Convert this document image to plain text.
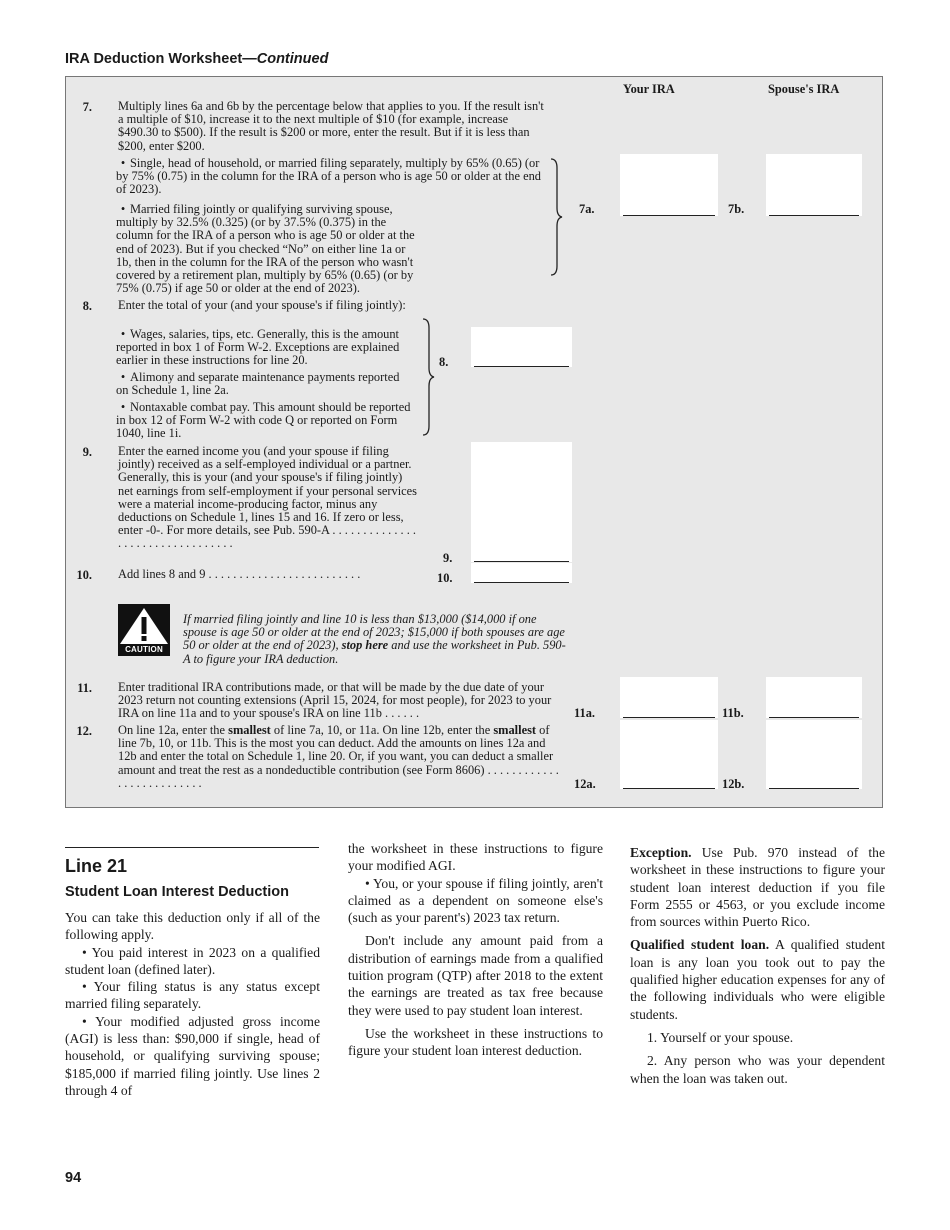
IRA Deduction Worksheet—Continued
Your IRA	Spouse's IRA
7. Multiply lines 6a and 6b by the percentage below that applies to you. If the result isn't a multiple of $10, increase it to the next multiple of $10 (for example, increase $490.30 to $500). If the result is $200 or more, enter the result. But if it is less than $200, enter $200.
• Single, head of household, or married filing separately, multiply by 65% (0.65) (or by 75% (0.75) in the column for the IRA of a person who is age 50 or older at the end of 2023).
• Married filing jointly or qualifying surviving spouse, multiply by 32.5% (0.325) (or by 37.5% (0.375) in the column for the IRA of a person who is age 50 or older at the end of 2023). But if you checked “No” on either line 1a or 1b, then in the column for the IRA of the person who wasn't covered by a retirement plan, multiply by 65% (0.65) (or by 75% (0.75) if age 50 or older at the end of 2023).
7a.	7b.
8. Enter the total of your (and your spouse's if filing jointly):
• Wages, salaries, tips, etc. Generally, this is the amount reported in box 1 of Form W-2. Exceptions are explained earlier in these instructions for line 20.
• Alimony and separate maintenance payments reported on Schedule 1, line 2a.
• Nontaxable combat pay. This amount should be reported in box 12 of Form W-2 with code Q or reported on Form 1040, line 1i.
8.
9. Enter the earned income you (and your spouse if filing jointly) received as a self-employed individual or a partner. Generally, this is your (and your spouse's if filing jointly) net earnings from self-employment if your personal services were a material income-producing factor, minus any deductions on Schedule 1, lines 15 and 16. If zero or less, enter -0-. For more details, see Pub. 590-A . . . . . . . . . . . . . . . . . . . . . . . . . . . . . . . . .
9.
10. Add lines 8 and 9 . . . . . . . . . . . . . . . . . . . . . . . . .	10.
CAUTION
If married filing jointly and line 10 is less than $13,000 ($14,000 if one spouse is age 50 or older at the end of 2023; $15,000 if both spouses are age 50 or older at the end of 2023), stop here and use the worksheet in Pub. 590-A to figure your IRA deduction.
11. Enter traditional IRA contributions made, or that will be made by the due date of your 2023 return not counting extensions (April 15, 2024, for most people), for 2023 to your IRA on line 11a and to your spouse's IRA on line 11b . . . . . .	11a.	11b.
12. On line 12a, enter the smallest of line 7a, 10, or 11a. On line 12b, enter the smallest of line 7b, 10, or 11b. This is the most you can deduct. Add the amounts on lines 12a and 12b and enter the total on Schedule 1, line 20. Or, if you want, you can deduct a smaller amount and treat the rest as a nondeductible contribution (see Form 8606) . . . . . . . . . . . . . . . . . . . . . . . . . .	12a.	12b.
Line 21
Student Loan Interest Deduction

You can take this deduction only if all of the following apply.

• You paid interest in 2023 on a qualified student loan (defined later).

• Your filing status is any status except married filing separately.

• Your modified adjusted gross income (AGI) is less than: $90,000 if single, head of household, or qualifying surviving spouse; $185,000 if married filing jointly. Use lines 2 through 4 of

the worksheet in these instructions to figure your modified AGI.

• You, or your spouse if filing jointly, aren't claimed as a dependent on someone else's (such as your parent's) 2023 tax return.

Don't include any amount paid from a distribution of earnings made from a qualified tuition program (QTP) after 2018 to the extent the earnings are treated as tax free because they were used to pay student loan interest.

Use the worksheet in these instructions to figure your student loan interest deduction.

Exception. Use Pub. 970 instead of the worksheet in these instructions to figure your student loan interest deduction if you file Form 2555 or 4563, or you exclude income from sources within Puerto Rico.

Qualified student loan. A qualified student loan is any loan you took out to pay the qualified higher education expenses for any of the following individuals who were eligible students.

1. Yourself or your spouse.

2. Any person who was your dependent when the loan was taken out.

94
